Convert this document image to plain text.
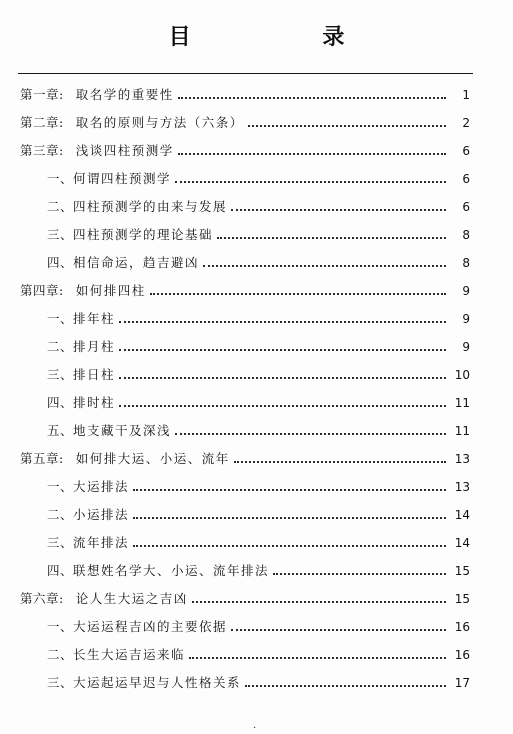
目 录
第一章: 取名学的重要性	1
第二章: 取名的原则与方法（六条）	2
第三章: 浅谈四柱预测学	6
一、 何谓四柱预测学	6
二、 四柱预测学的由来与发展	6
三、 四柱预测学的理论基础	8
四、 相信命运，趋吉避凶	8
第四章: 如何排四柱	9
一、 排年柱	9
二、 排月柱	9
三、 排日柱	10
四、 排时柱	11
五、 地支藏干及深浅	11
第五章: 如何排大运、小运、流年	13
一、 大运排法	13
二、 小运排法	14
三、 流年排法	14
四、 联想姓名学大、小运、流年排法	15
第六章: 论人生大运之吉凶	15
一、 大运运程吉凶的主要依据	16
二、 长生大运吉运来临	16
三、 大运起运早迟与人性格关系	17
·
